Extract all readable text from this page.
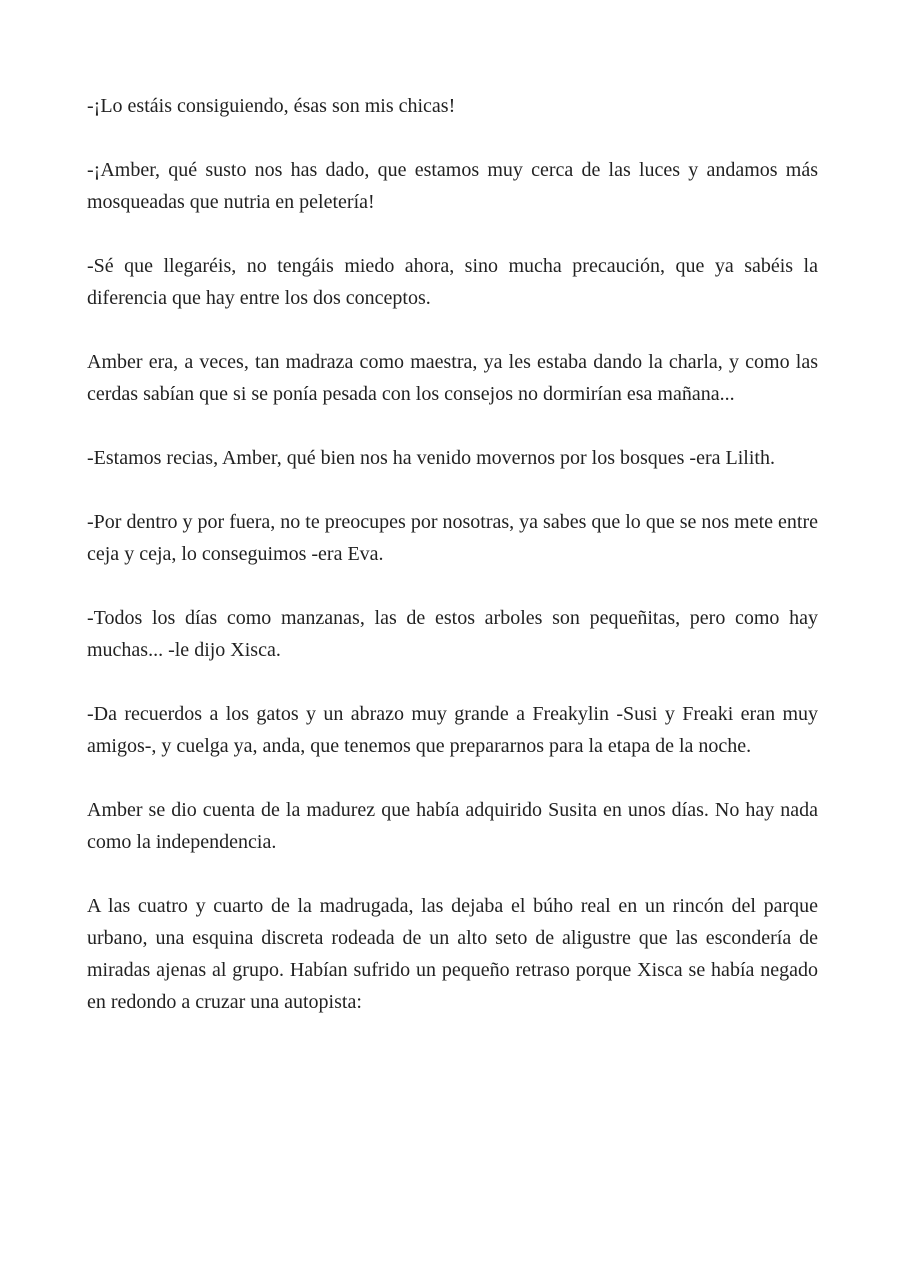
-¡Lo estáis consiguiendo, ésas son mis chicas!

-¡Amber, qué susto nos has dado, que estamos muy cerca de las luces y andamos más mosqueadas que nutria en peletería!

-Sé que llegaréis, no tengáis miedo ahora, sino mucha precaución, que ya sabéis la diferencia que hay entre los dos conceptos.

Amber era, a veces, tan madraza como maestra, ya les estaba dando la charla, y como las cerdas sabían que si se ponía pesada con los consejos no dormirían esa mañana...

-Estamos recias, Amber, qué bien nos ha venido movernos por los bosques -era Lilith.

-Por dentro y por fuera, no te preocupes por nosotras, ya sabes que lo que se nos mete entre ceja y ceja, lo conseguimos -era Eva.

-Todos los días como manzanas, las de estos arboles son pequeñitas, pero como hay muchas... -le dijo Xisca.

-Da recuerdos a los gatos y un abrazo muy grande a Freakylin -Susi y Freaki eran muy amigos-, y cuelga ya, anda, que tenemos que prepararnos para la etapa de la noche.

Amber se dio cuenta de la madurez que había adquirido Susita en unos días. No hay nada como la independencia.

A las cuatro y cuarto de la madrugada, las dejaba el búho real en un rincón del parque urbano, una esquina discreta rodeada de un alto seto de aligustre que las escondería de miradas ajenas al grupo. Habían sufrido un pequeño retraso porque Xisca se había negado en redondo a cruzar una autopista:
